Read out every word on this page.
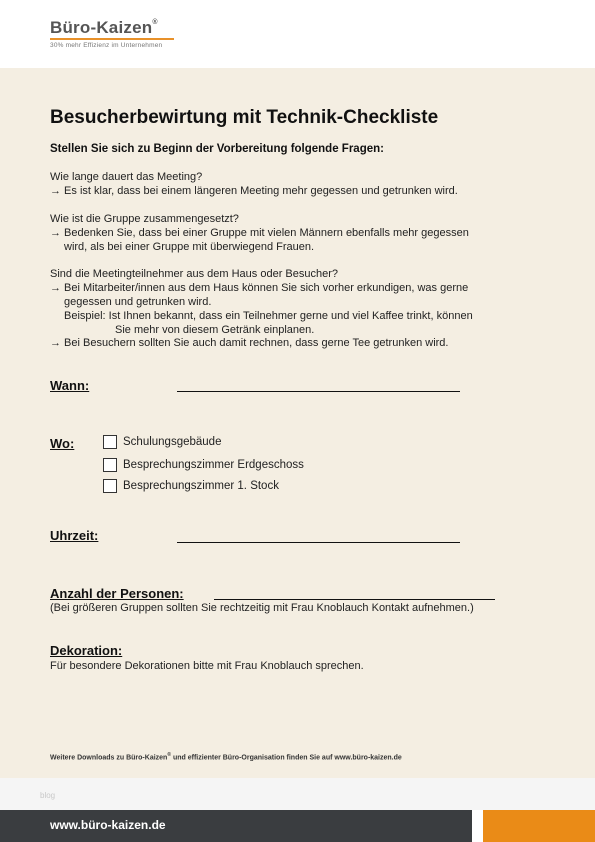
Büro-Kaizen®
30% mehr Effizienz im Unternehmen
Besucherbewirtung mit Technik-Checkliste
Stellen Sie sich zu Beginn der Vorbereitung folgende Fragen:
Wie lange dauert das Meeting?
→ Es ist klar, dass bei einem längeren Meeting mehr gegessen und getrunken wird.
Wie ist die Gruppe zusammengesetzt?
→ Bedenken Sie, dass bei einer Gruppe mit vielen Männern ebenfalls mehr gegessen
wird, als bei einer Gruppe mit überwiegend Frauen.
Sind die Meetingteilnehmer aus dem Haus oder Besucher?
→ Bei Mitarbeiter/innen aus dem Haus können Sie sich vorher erkundigen, was gerne
gegessen und getrunken wird.
Beispiel: Ist Ihnen bekannt, dass ein Teilnehmer gerne und viel Kaffee trinkt, können
Sie mehr von diesem Getränk einplanen.
→ Bei Besuchern sollten Sie auch damit rechnen, dass gerne Tee getrunken wird.
Wann:
Wo:	Schulungsgebäude
Besprechungszimmer Erdgeschoss
Besprechungszimmer 1. Stock
Uhrzeit:
Anzahl der Personen:
(Bei größeren Gruppen sollten Sie rechtzeitig mit Frau Knoblauch Kontakt aufnehmen.)
Dekoration:
Für besondere Dekorationen bitte mit Frau Knoblauch sprechen.
Weitere Downloads zu Büro-Kaizen® und effizienter Büro-Organisation finden Sie auf www.büro-kaizen.de
blog
www.büro-kaizen.de
